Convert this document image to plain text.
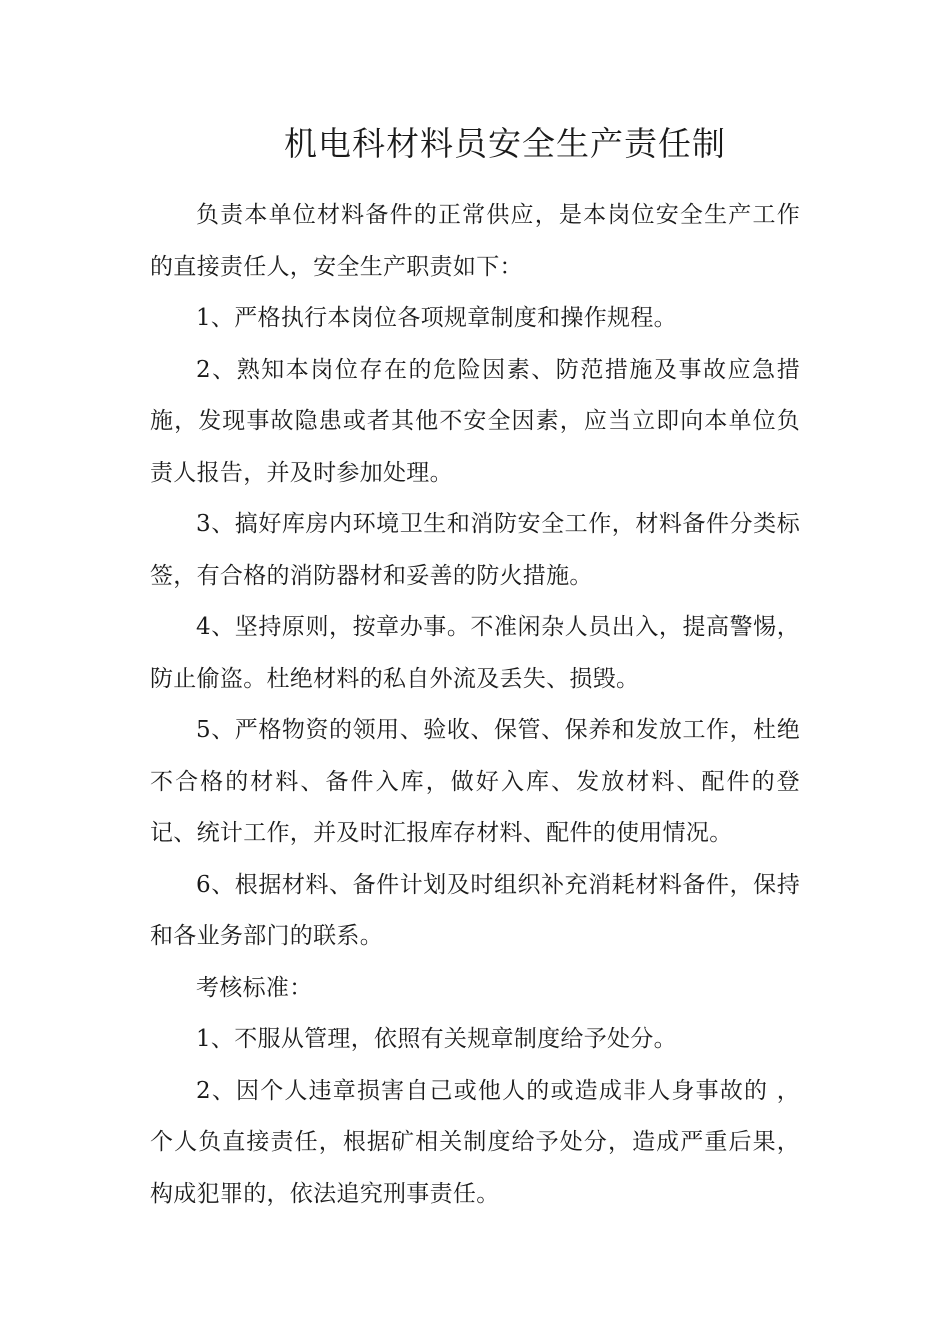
机电科材料员安全生产责任制

负责本单位材料备件的正常供应，是本岗位安全生产工作的直接责任人，安全生产职责如下：

1、严格执行本岗位各项规章制度和操作规程。

2、熟知本岗位存在的危险因素、防范措施及事故应急措施，发现事故隐患或者其他不安全因素，应当立即向本单位负责人报告，并及时参加处理。

3、搞好库房内环境卫生和消防安全工作，材料备件分类标签，有合格的消防器材和妥善的防火措施。

4、坚持原则，按章办事。不准闲杂人员出入，提高警惕，防止偷盗。杜绝材料的私自外流及丢失、损毁。

5、严格物资的领用、验收、保管、保养和发放工作，杜绝不合格的材料、备件入库，做好入库、发放材料、配件的登记、统计工作，并及时汇报库存材料、配件的使用情况。

6、根据材料、备件计划及时组织补充消耗材料备件，保持和各业务部门的联系。

考核标准：

1、不服从管理，依照有关规章制度给予处分。

2、因个人违章损害自己或他人的或造成非人身事故的 ，个人负直接责任，根据矿相关制度给予处分，造成严重后果，构成犯罪的，依法追究刑事责任。
